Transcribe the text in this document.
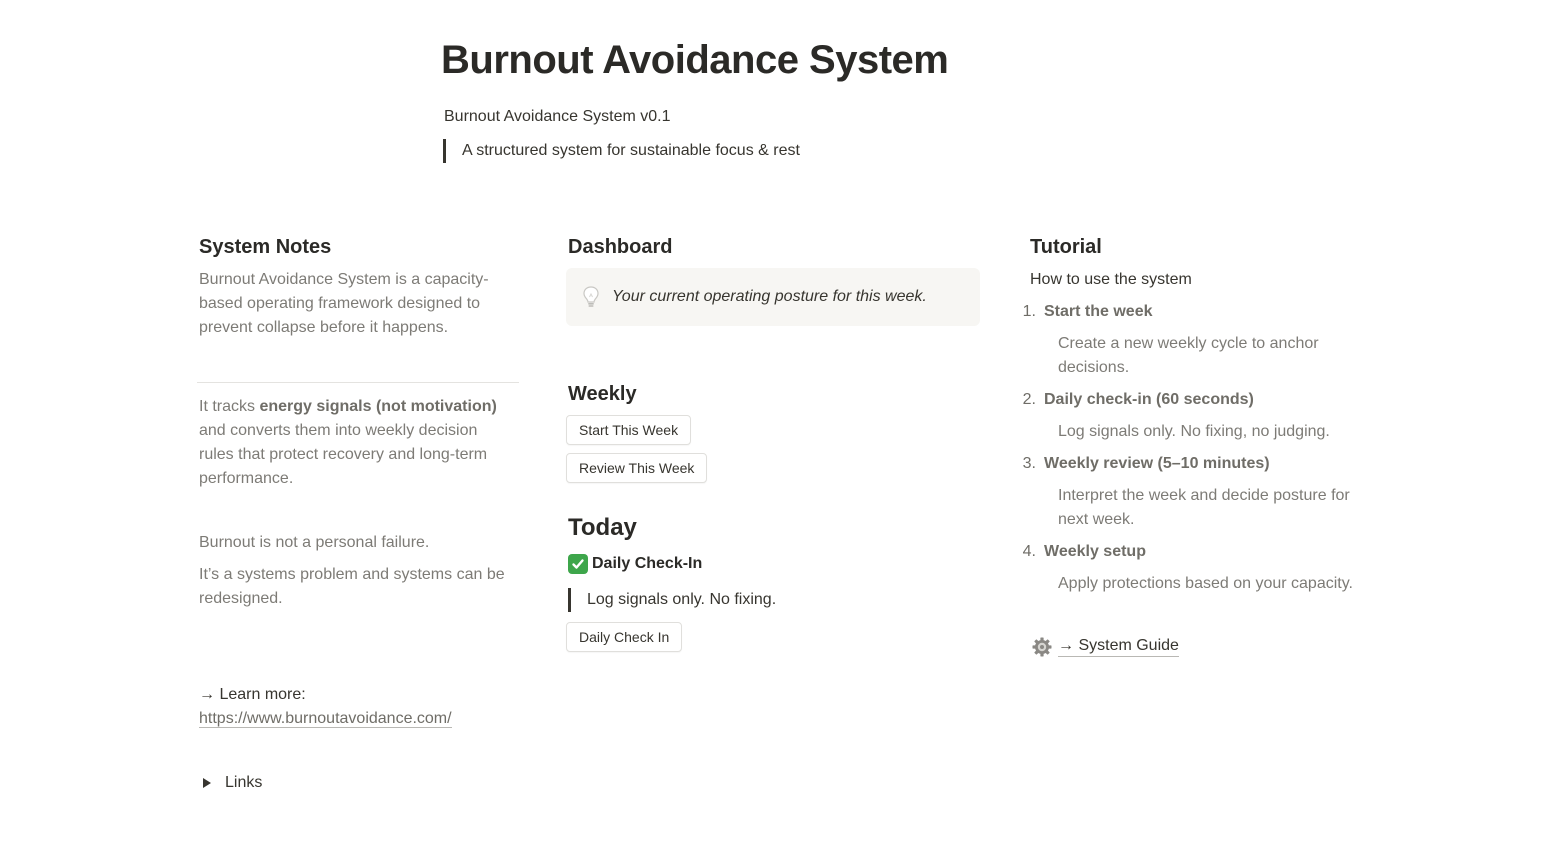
Burnout Avoidance System
Burnout Avoidance System v0.1
A structured system for sustainable focus & rest
System Notes
Burnout Avoidance System is a capacity-based operating framework designed to prevent collapse before it happens.
It tracks energy signals (not motivation) and converts them into weekly decision rules that protect recovery and long-term performance.
Burnout is not a personal failure.
It’s a systems problem and systems can be redesigned.
→ Learn more:
https://www.burnoutavoidance.com/
Links
Dashboard
Your current operating posture for this week.
Weekly
Start This Week
Review This Week
Today
Daily Check-In
Log signals only. No fixing.
Daily Check In
Tutorial
How to use the system
1. Start the week
Create a new weekly cycle to anchor decisions.
2. Daily check-in (60 seconds)
Log signals only. No fixing, no judging.
3. Weekly review (5–10 minutes)
Interpret the week and decide posture for next week.
4. Weekly setup
Apply protections based on your capacity.
→ System Guide
